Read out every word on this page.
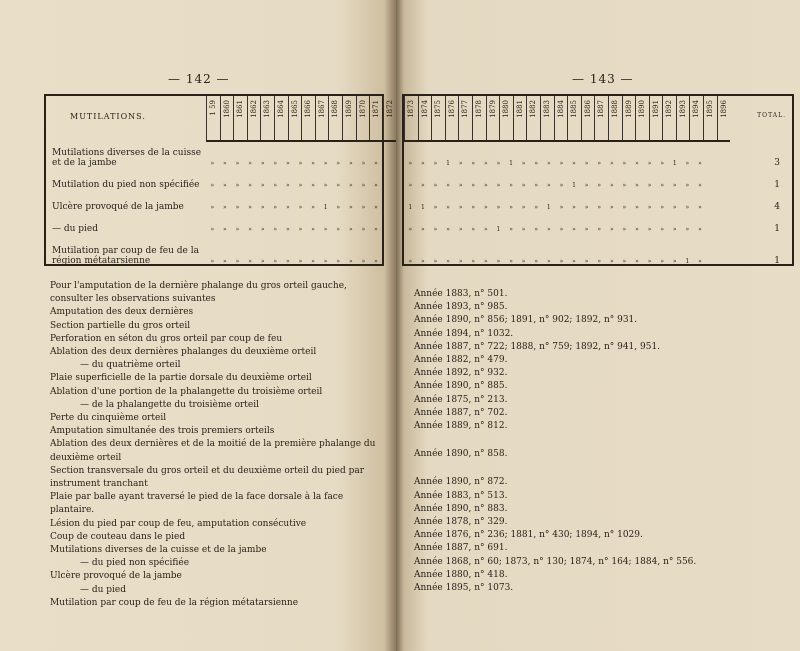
— 142 —
MUTILATIONS.
1 59 1860 1861 1862 1863 1864 1865 1866 1867 1868 1869 1870 1871 1872
Mutilations diverses de la cuisse et de la jambe	»	»	»	»	»	»	»	»	»	»	»	»	»	»
Mutilation du pied non spécifiée	»	»	»	»	»	»	»	»	»	»	»	»	»	»
Ulcère provoqué de la jambe	»	»	»	»	»	»	»	»	»	1	»	»	»	»
— du pied	»	»	»	»	»	»	»	»	»	»	»	»	»	»
Mutilation par coup de feu de la région métatarsienne	»	»	»	»	»	»	»	»	»	»	»	»	»	»
Pour l'amputation de la dernière phalange du gros orteil gauche, consulter les observations suivantes
Amputation des deux dernières
Section partielle du gros orteil
Perforation en séton du gros orteil par coup de feu
Ablation des deux dernières phalanges du deuxième orteil
— du quatrième orteil
Plaie superficielle de la partie dorsale du deuxième orteil
Ablation d'une portion de la phalangette du troisième orteil
— de la phalangette du troisième orteil
Perte du cinquième orteil
Amputation simultanée des trois premiers orteils
Ablation des deux dernières et de la moitié de la première phalange du deuxième orteil
Section transversale du gros orteil et du deuxième orteil du pied par instrument tranchant
Plaie par balle ayant traversé le pied de la face dorsale à la face plantaire.
Lésion du pied par coup de feu, amputation consécutive
Coup de couteau dans le pied
Mutilations diverses de la cuisse et de la jambe
— du pied non spécifiée
Ulcère provoqué de la jambe
— du pied
Mutilation par coup de feu de la région métatarsienne
— 143 —
1873 1874 1875 1876 1877 1878 1879 1880 1881 1882 1883 1884 1885 1886 1887 1888 1889 1890 1891 1892 1893 1894 1895 1896	TOTAL.
»	»	»	1	»	»	»	»	1	»	»	»	»	»	»	»	»	»	»	»	»	1	»	»	3
»	»	»	»	»	»	»	»	»	»	»	»	»	1	»	»	»	»	»	»	»	»	»	»	1
1	1	»	»	»	»	»	»	»	»	»	1	»	»	»	»	»	»	»	»	»	»	»	»	4
»	»	»	»	»	»	»	1	»	»	»	»	»	»	»	»	»	»	»	»	»	»	»	»	1
»	»	»	»	»	»	»	»	»	»	»	»	»	»	»	»	»	»	»	»	»	»	1	»	1
Année 1883, n° 501.
Année 1893, n° 985.
Année 1890, n° 856; 1891, n° 902; 1892, n° 931.
Année 1894, n° 1032.
Année 1887, n° 722; 1888, n° 759; 1892, n° 941, 951.
Année 1882, n° 479.
Année 1892, n° 932.
Année 1890, n° 885.
Année 1875, n° 213.
Année 1887, n° 702.
Année 1889, n° 812.
Année 1890, n° 858.
Année 1890, n° 872.
Année 1883, n° 513.
Année 1890, n° 883.
Année 1878, n° 329.
Année 1876, n° 236; 1881, n° 430; 1894, n° 1029.
Année 1887, n° 691.
Année 1868, n° 60; 1873, n° 130; 1874, n° 164; 1884, n° 556.
Année 1880, n° 418.
Année 1895, n° 1073.
